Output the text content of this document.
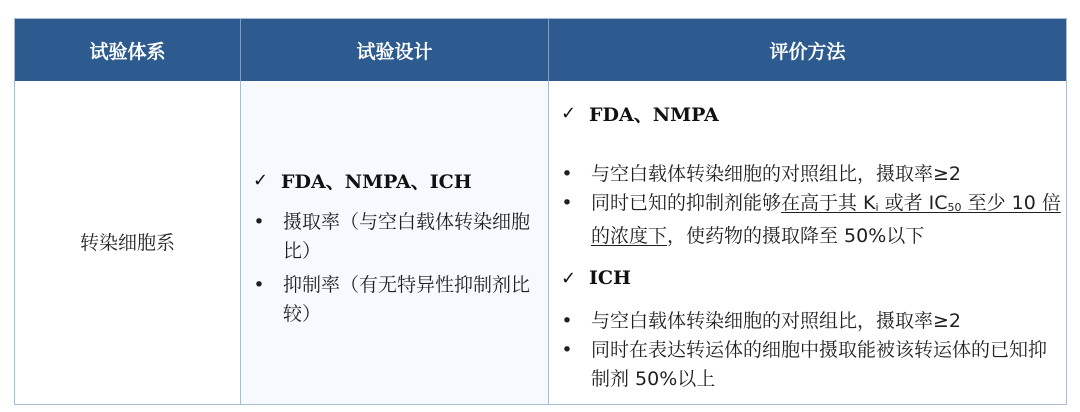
试验体系	试验设计	评价方法
转染细胞系
✓ FDA、NMPA、ICH
• 摄取率（与空白载体转染细胞比）
• 抑制率（有无特异性抑制剂比较）
✓ FDA、NMPA
• 与空白载体转染细胞的对照组比，摄取率≥2
• 同时已知的抑制剂能够在高于其 $K_i$ 或者 $IC_{50}$ 至少 10 倍的浓度下，使药物的摄取降至 50%以下
✓ ICH
• 与空白载体转染细胞的对照组比，摄取率≥2
• 同时在表达转运体的细胞中摄取能被该转运体的已知抑制剂 50%以上
